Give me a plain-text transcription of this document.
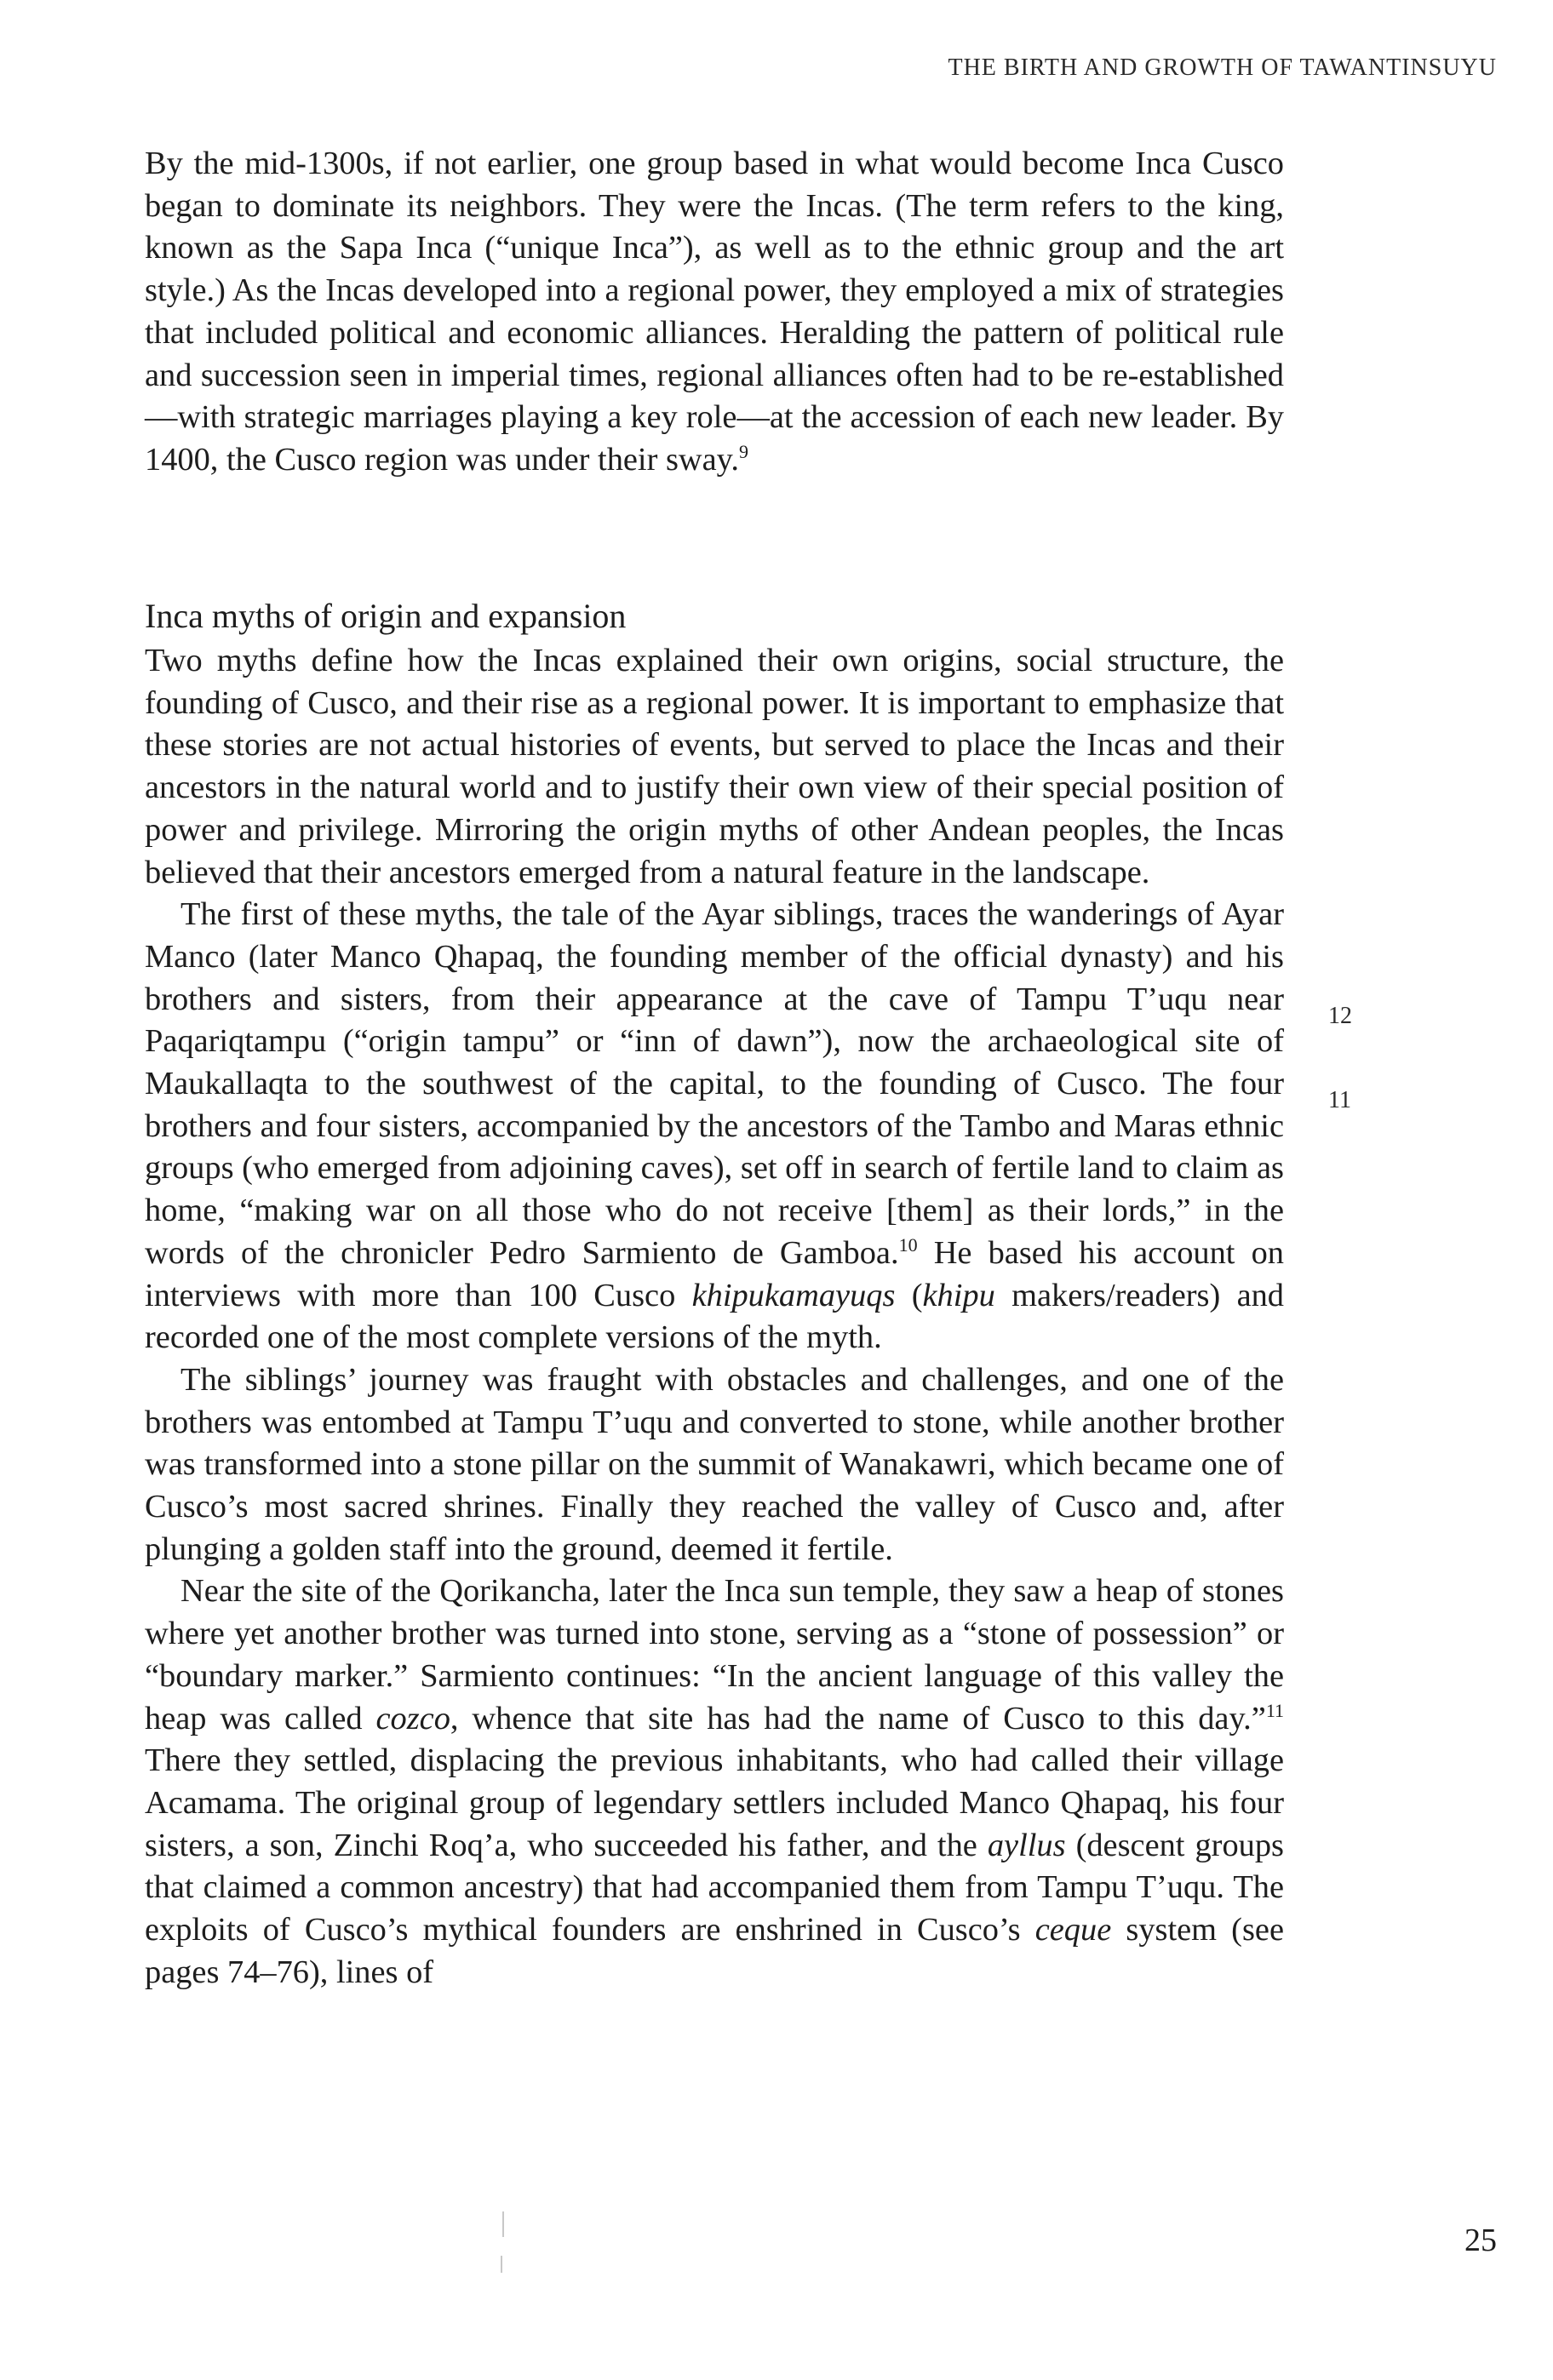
THE BIRTH AND GROWTH OF TAWANTINSUYU

By the mid-1300s, if not earlier, one group based in what would become Inca Cusco began to dominate its neighbors. They were the Incas. (The term refers to the king, known as the Sapa Inca (“unique Inca”), as well as to the ethnic group and the art style.) As the Incas developed into a regional power, they employed a mix of strategies that included political and economic alliances. Heralding the pattern of political rule and succession seen in imperial times, regional alliances often had to be re-established—with strategic marriages playing a key role—at the accession of each new leader. By 1400, the Cusco region was under their sway.$^9$

Inca myths of origin and expansion

Two myths define how the Incas explained their own origins, social structure, the founding of Cusco, and their rise as a regional power. It is important to emphasize that these stories are not actual histories of events, but served to place the Incas and their ancestors in the natural world and to justify their own view of their special position of power and privilege. Mirroring the origin myths of other Andean peoples, the Incas believed that their ancestors emerged from a natural feature in the landscape.

The first of these myths, the tale of the Ayar siblings, traces the wanderings of Ayar Manco (later Manco Qhapaq, the founding member of the official dynasty) and his brothers and sisters, from their appearance at the cave of Tampu T’uqu near Paqariqtampu (“origin tampu” or “inn of dawn”), now the archaeological site of Maukallaqta to the southwest of the capital, to the founding of Cusco. The four brothers and four sisters, accompanied by the ancestors of the Tambo and Maras ethnic groups (who emerged from adjoining caves), set off in search of fertile land to claim as home, “making war on all those who do not receive [them] as their lords,” in the words of the chronicler Pedro Sarmiento de Gamboa.$^{10}$ He based his account on interviews with more than 100 Cusco khipukamayuqs (khipu makers/readers) and recorded one of the most complete versions of the myth.

The siblings’ journey was fraught with obstacles and challenges, and one of the brothers was entombed at Tampu T’uqu and converted to stone, while another brother was transformed into a stone pillar on the summit of Wanakawri, which became one of Cusco’s most sacred shrines. Finally they reached the valley of Cusco and, after plunging a golden staff into the ground, deemed it fertile.

Near the site of the Qorikancha, later the Inca sun temple, they saw a heap of stones where yet another brother was turned into stone, serving as a “stone of possession” or “boundary marker.” Sarmiento continues: “In the ancient language of this valley the heap was called cozco, whence that site has had the name of Cusco to this day.”$^{11}$ There they settled, displacing the previous inhabitants, who had called their village Acamama. The original group of legendary settlers included Manco Qhapaq, his four sisters, a son, Zinchi Roq’a, who succeeded his father, and the ayllus (descent groups that claimed a common ancestry) that had accompanied them from Tampu T’uqu. The exploits of Cusco’s mythical founders are enshrined in Cusco’s ceque system (see pages 74–76), lines of

12
11
25
